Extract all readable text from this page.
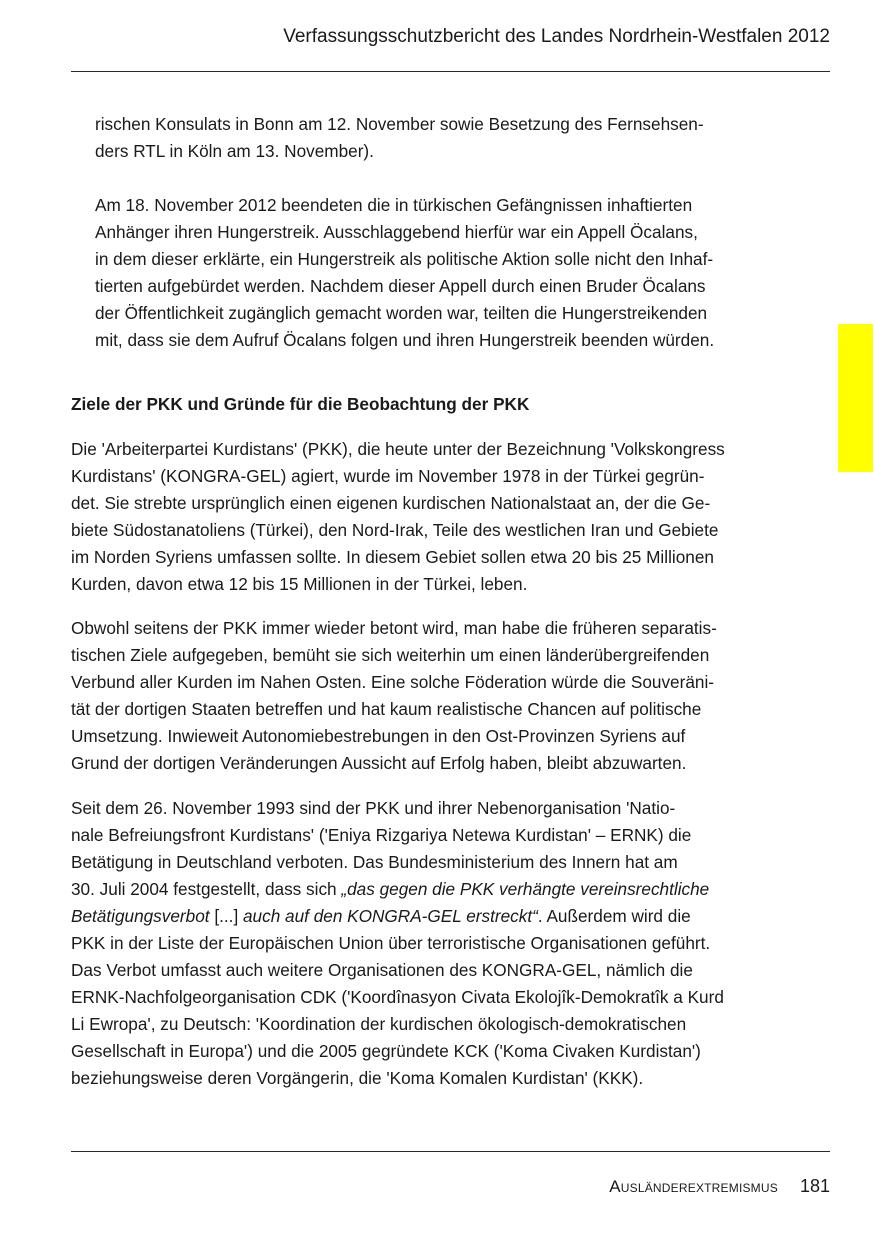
Verfassungsschutzbericht des Landes Nordrhein-Westfalen 2012

rischen Konsulats in Bonn am 12. November sowie Besetzung des Fernsehsen-
ders RTL in Köln am 13. November).

Am 18. November 2012 beendeten die in türkischen Gefängnissen inhaftierten
Anhänger ihren Hungerstreik. Ausschlaggebend hierfür war ein Appell Öcalans,
in dem dieser erklärte, ein Hungerstreik als politische Aktion solle nicht den Inhaf-
tierten aufgebürdet werden. Nachdem dieser Appell durch einen Bruder Öcalans
der Öffentlichkeit zugänglich gemacht worden war, teilten die Hungerstreikenden
mit, dass sie dem Aufruf Öcalans folgen und ihren Hungerstreik beenden würden.

Ziele der PKK und Gründe für die Beobachtung der PKK

Die 'Arbeiterpartei Kurdistans' (PKK), die heute unter der Bezeichnung 'Volkskongress
Kurdistans' (KONGRA-GEL) agiert, wurde im November 1978 in der Türkei gegrün-
det. Sie strebte ursprünglich einen eigenen kurdischen Nationalstaat an, der die Ge-
biete Südostanatoliens (Türkei), den Nord-Irak, Teile des westlichen Iran und Gebiete
im Norden Syriens umfassen sollte. In diesem Gebiet sollen etwa 20 bis 25 Millionen
Kurden, davon etwa 12 bis 15 Millionen in der Türkei, leben.

Obwohl seitens der PKK immer wieder betont wird, man habe die früheren separatis-
tischen Ziele aufgegeben, bemüht sie sich weiterhin um einen länderübergreifenden
Verbund aller Kurden im Nahen Osten. Eine solche Föderation würde die Souveräni-
tät der dortigen Staaten betreffen und hat kaum realistische Chancen auf politische
Umsetzung. Inwieweit Autonomiebestrebungen in den Ost-Provinzen Syriens auf
Grund der dortigen Veränderungen Aussicht auf Erfolg haben, bleibt abzuwarten.

Seit dem 26. November 1993 sind der PKK und ihrer Nebenorganisation 'Natio-
nale Befreiungsfront Kurdistans' ('Eniya Rizgariya Netewa Kurdistan' – ERNK) die
Betätigung in Deutschland verboten. Das Bundesministerium des Innern hat am
30. Juli 2004 festgestellt, dass sich „das gegen die PKK verhängte vereinsrechtliche
Betätigungsverbot [...] auch auf den KONGRA-GEL erstreckt“. Außerdem wird die
PKK in der Liste der Europäischen Union über terroristische Organisationen geführt.
Das Verbot umfasst auch weitere Organisationen des KONGRA-GEL, nämlich die
ERNK-Nachfolgeorganisation CDK ('Koordînasyon Civata Ekolojîk-Demokratîk a Kurd
Li Ewropa', zu Deutsch: 'Koordination der kurdischen ökologisch-demokratischen
Gesellschaft in Europa') und die 2005 gegründete KCK ('Koma Civaken Kurdistan')
beziehungsweise deren Vorgängerin, die 'Koma Komalen Kurdistan' (KKK).

Ausländerextremismus 181
